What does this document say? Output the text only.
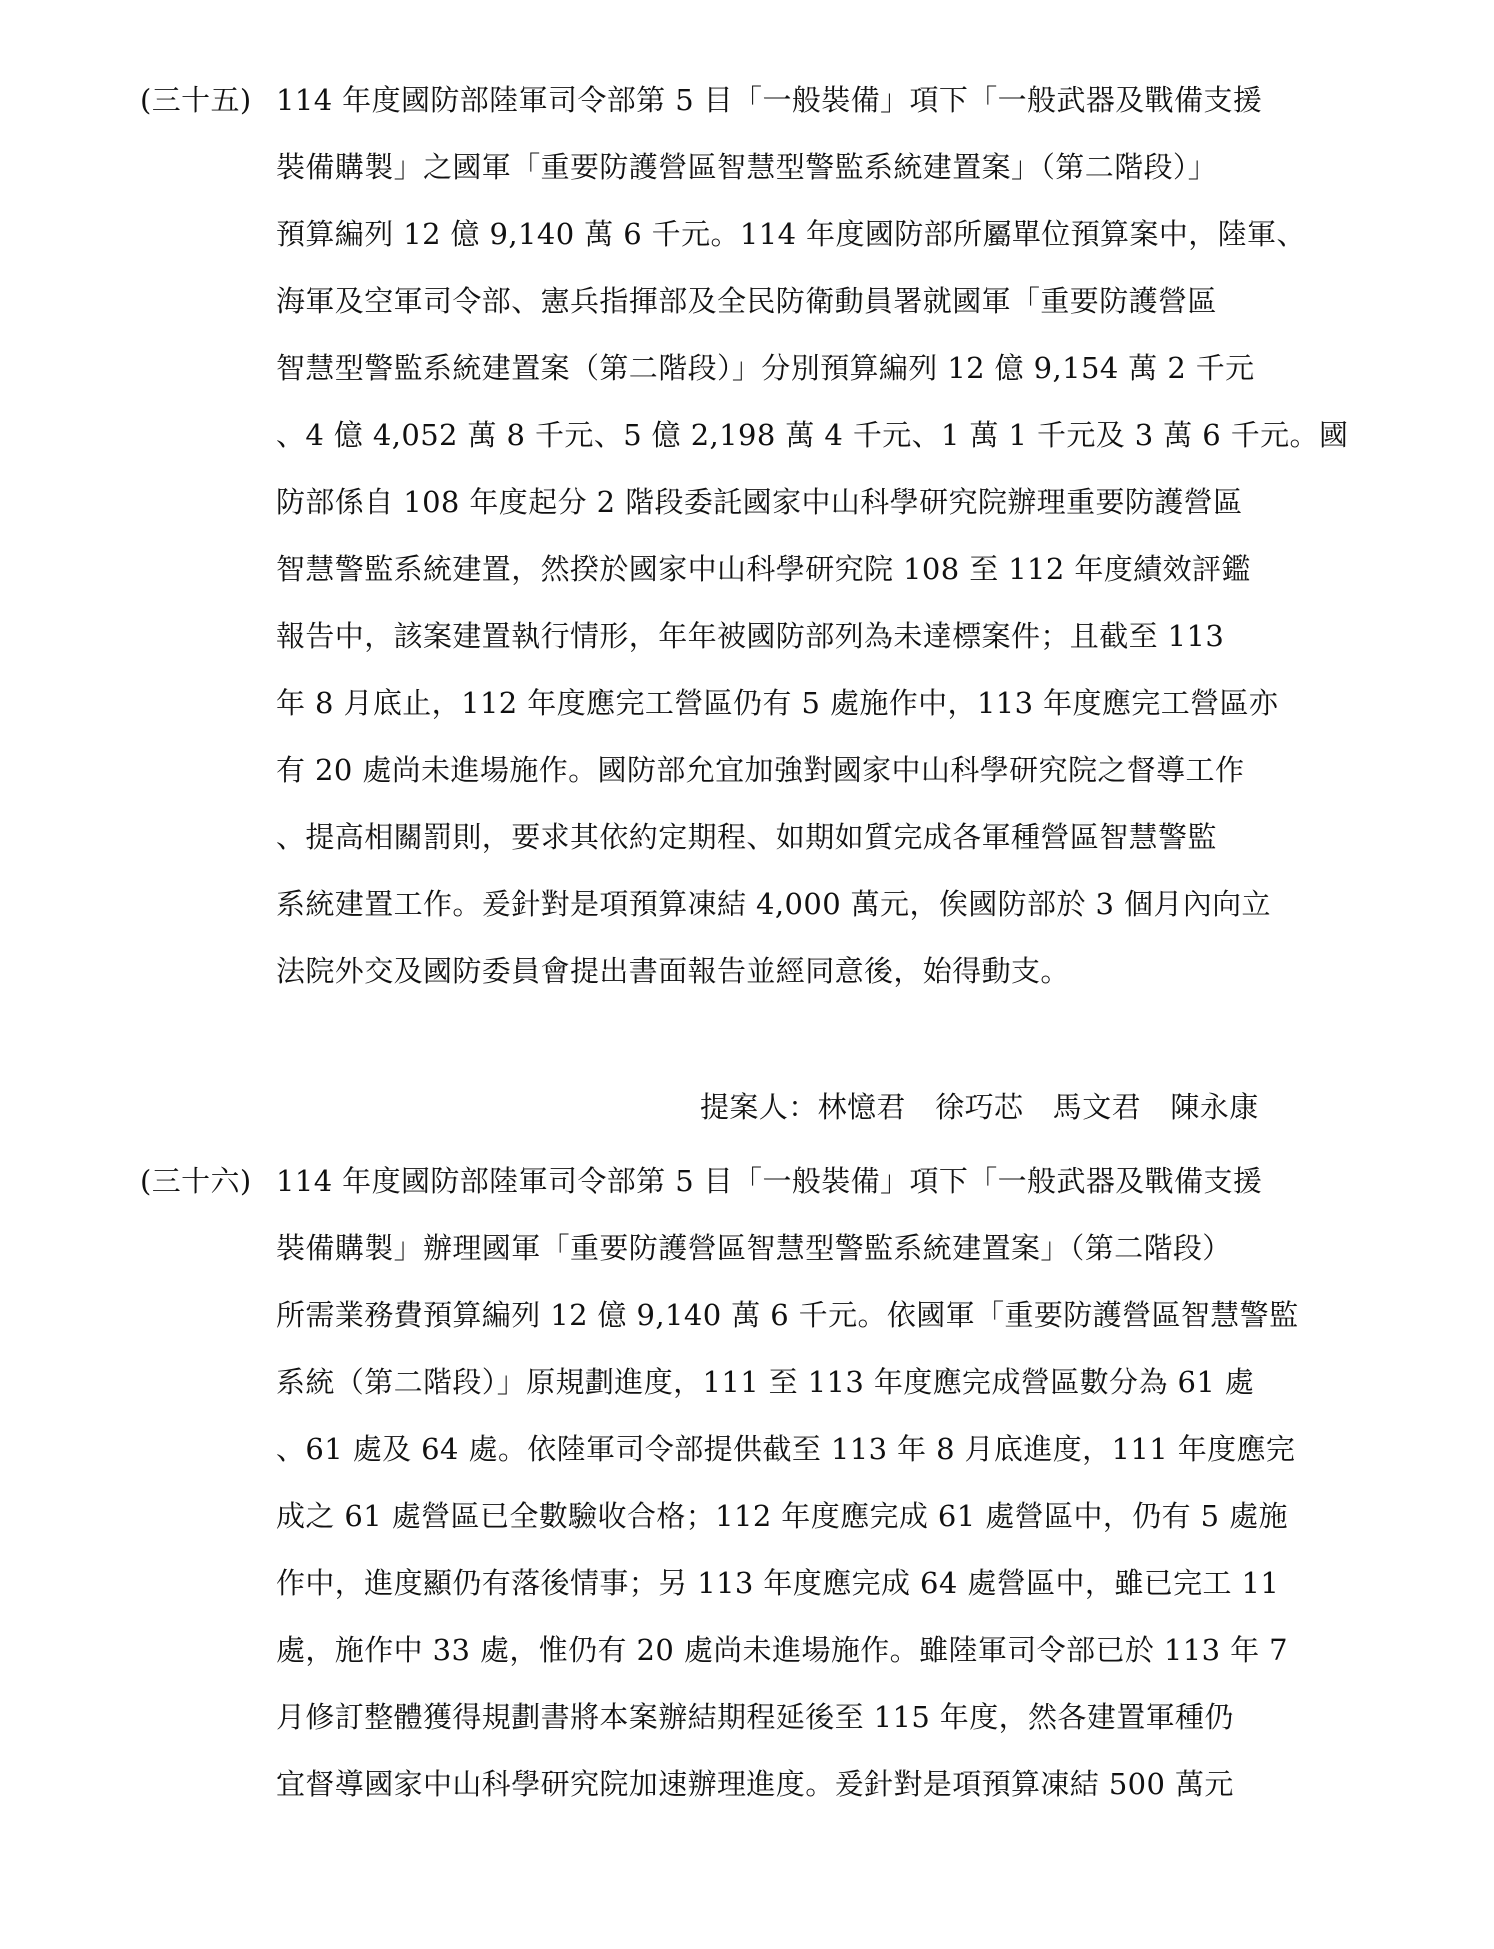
(三十五) 114 年度國防部陸軍司令部第 5 目「一般裝備」項下「一般武器及戰備支援
裝備購製」之國軍「重要防護營區智慧型警監系統建置案」（第二階段）」
預算編列 12 億 9,140 萬 6 千元。114 年度國防部所屬單位預算案中，陸軍、
海軍及空軍司令部、憲兵指揮部及全民防衛動員署就國軍「重要防護營區
智慧型警監系統建置案（第二階段）」分別預算編列 12 億 9,154 萬 2 千元
、4 億 4,052 萬 8 千元、5 億 2,198 萬 4 千元、1 萬 1 千元及 3 萬 6 千元。國
防部係自 108 年度起分 2 階段委託國家中山科學研究院辦理重要防護營區
智慧警監系統建置，然揆於國家中山科學研究院 108 至 112 年度績效評鑑
報告中，該案建置執行情形，年年被國防部列為未達標案件；且截至 113
年 8 月底止，112 年度應完工營區仍有 5 處施作中，113 年度應完工營區亦
有 20 處尚未進場施作。國防部允宜加強對國家中山科學研究院之督導工作
、提高相關罰則，要求其依約定期程、如期如質完成各軍種營區智慧警監
系統建置工作。爰針對是項預算凍結 4,000 萬元，俟國防部於 3 個月內向立
法院外交及國防委員會提出書面報告並經同意後，始得動支。
提案人：林憶君　徐巧芯　馬文君　陳永康
(三十六) 114 年度國防部陸軍司令部第 5 目「一般裝備」項下「一般武器及戰備支援
裝備購製」辦理國軍「重要防護營區智慧型警監系統建置案」（第二階段）
所需業務費預算編列 12 億 9,140 萬 6 千元。依國軍「重要防護營區智慧警監
系統（第二階段）」原規劃進度，111 至 113 年度應完成營區數分為 61 處
、61 處及 64 處。依陸軍司令部提供截至 113 年 8 月底進度，111 年度應完
成之 61 處營區已全數驗收合格；112 年度應完成 61 處營區中，仍有 5 處施
作中，進度顯仍有落後情事；另 113 年度應完成 64 處營區中，雖已完工 11
處，施作中 33 處，惟仍有 20 處尚未進場施作。雖陸軍司令部已於 113 年 7
月修訂整體獲得規劃書將本案辦結期程延後至 115 年度，然各建置軍種仍
宜督導國家中山科學研究院加速辦理進度。爰針對是項預算凍結 500 萬元
